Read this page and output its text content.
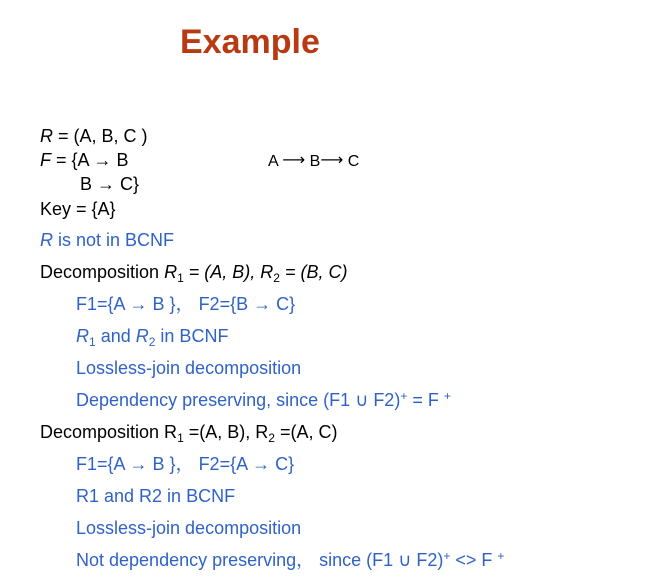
Example
R = (A, B, C )
F = {A → B
B → C}
Key = {A}
A ⟶ B⟶ C
R is not in BCNF
Decomposition $R_1 = (A$, B), $R_2 = (B$, C)
F1={A → B }， F2={B → C}
$R_1$ and $R_2$ in BCNF
Lossless-join decomposition
Dependency preserving, since (F1 ∪ F2)+ = F +
Decomposition $R_1 =(A$, B), $R_2 =(A$, C)
F1={A → B }， F2={A → C}
R1 and R2 in BCNF
Lossless-join decomposition
Not dependency preserving， since (F1 ∪ F2)+ <> F +
